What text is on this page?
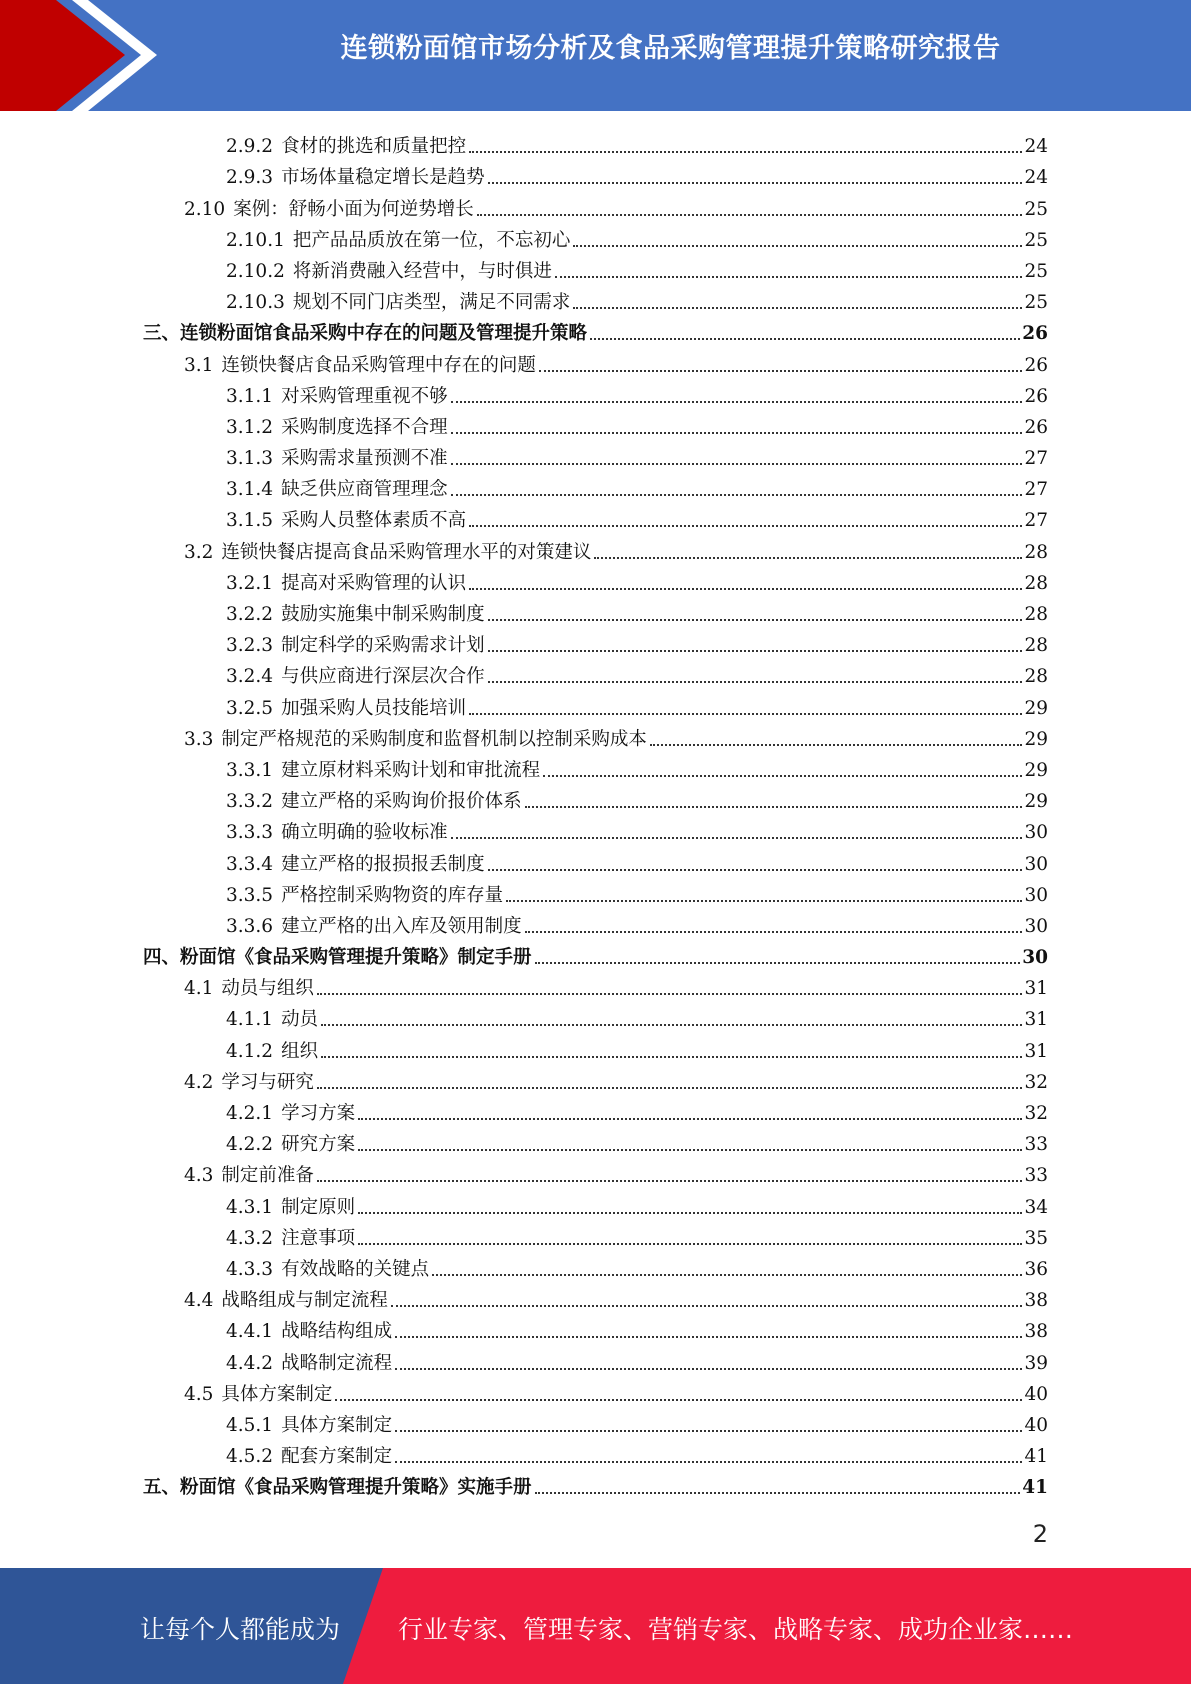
连锁粉面馆市场分析及食品采购管理提升策略研究报告
2.9.2 食材的挑选和质量把控	24
2.9.3 市场体量稳定增长是趋势	24
2.10 案例：舒畅小面为何逆势增长	25
2.10.1 把产品品质放在第一位，不忘初心	25
2.10.2 将新消费融入经营中，与时俱进	25
2.10.3 规划不同门店类型，满足不同需求	25
三、 连锁粉面馆食品采购中存在的问题及管理提升策略	26
3.1 连锁快餐店食品采购管理中存在的问题	26
3.1.1 对采购管理重视不够	26
3.1.2 采购制度选择不合理	26
3.1.3 采购需求量预测不准	27
3.1.4 缺乏供应商管理理念	27
3.1.5 采购人员整体素质不高	27
3.2 连锁快餐店提高食品采购管理水平的对策建议	28
3.2.1 提高对采购管理的认识	28
3.2.2 鼓励实施集中制采购制度	28
3.2.3 制定科学的采购需求计划	28
3.2.4 与供应商进行深层次合作	28
3.2.5 加强采购人员技能培训	29
3.3 制定严格规范的采购制度和监督机制以控制采购成本	29
3.3.1 建立原材料采购计划和审批流程	29
3.3.2 建立严格的采购询价报价体系	29
3.3.3 确立明确的验收标准	30
3.3.4 建立严格的报损报丢制度	30
3.3.5 严格控制采购物资的库存量	30
3.3.6 建立严格的出入库及领用制度	30
四、 粉面馆《食品采购管理提升策略》制定手册	30
4.1 动员与组织	31
4.1.1 动员	31
4.1.2 组织	31
4.2 学习与研究	32
4.2.1 学习方案	32
4.2.2 研究方案	33
4.3 制定前准备	33
4.3.1 制定原则	34
4.3.2 注意事项	35
4.3.3 有效战略的关键点	36
4.4 战略组成与制定流程	38
4.4.1 战略结构组成	38
4.4.2 战略制定流程	39
4.5 具体方案制定	40
4.5.1 具体方案制定	40
4.5.2 配套方案制定	41
五、 粉面馆《食品采购管理提升策略》实施手册	41
2
让每个人都能成为 行业专家、管理专家、营销专家、战略专家、成功企业家……
